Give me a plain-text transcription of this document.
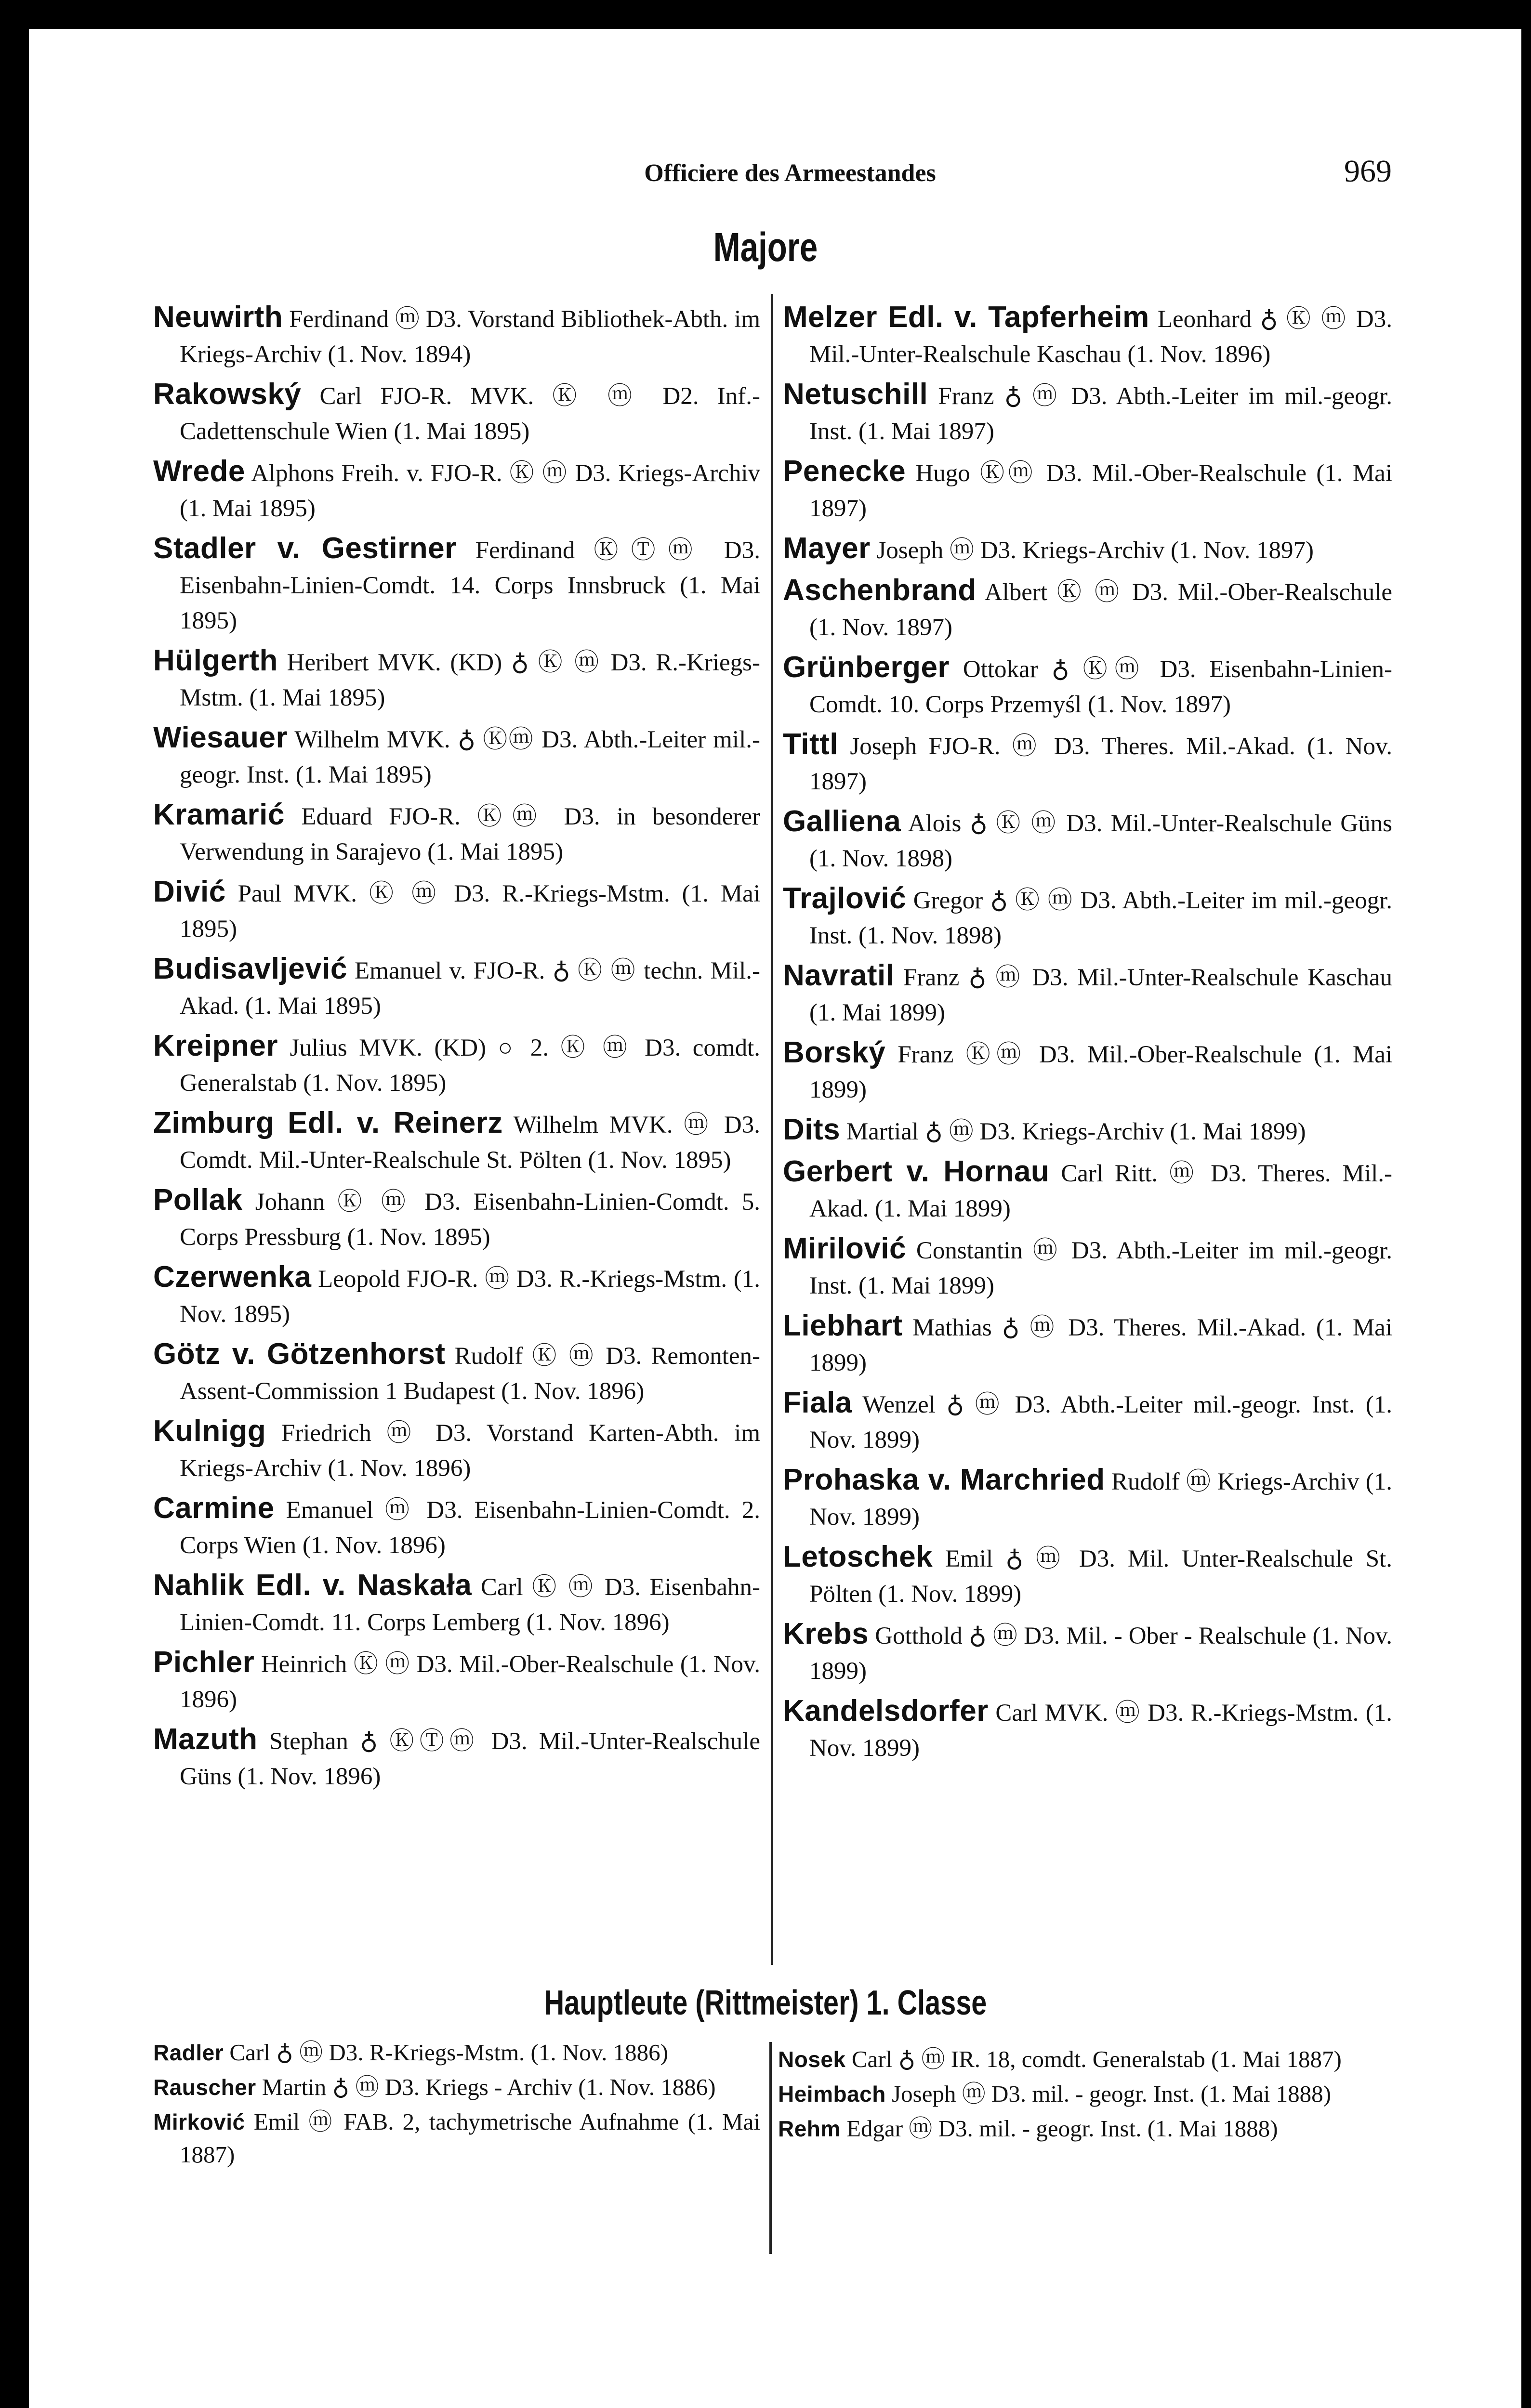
Officiere des Armeestandes	969
Majore

Neuwirth Ferdinand ⓜ D3. Vorstand Bibliothek-Abth. im Kriegs-Archiv (1. Nov. 1894)

Rakowský Carl FJO-R. MVK. Ⓚ ⓜ D2. Inf.-Cadettenschule Wien (1. Mai 1895)

Wrede Alphons Freih. v. FJO-R. Ⓚ ⓜ D3. Kriegs-Archiv (1. Mai 1895)

Stadler v. Gestirner Ferdinand ⓀⓉⓜ D3. Eisenbahn-Linien-Comdt. 14. Corps Innsbruck (1. Mai 1895)

Hülgerth Heribert MVK. (KD) ♁ Ⓚ ⓜ D3. R.-Kriegs-Mstm. (1. Mai 1895)

Wiesauer Wilhelm MVK. ♁ Ⓚⓜ D3. Abth.-Leiter mil.-geogr. Inst. (1. Mai 1895)

Kramarić Eduard FJO-R. Ⓚⓜ D3. in besonderer Verwendung in Sarajevo (1. Mai 1895)

Divić Paul MVK. Ⓚ ⓜ D3. R.-Kriegs-Mstm. (1. Mai 1895)

Budisavljević Emanuel v. FJO-R. ♁ Ⓚ ⓜ techn. Mil.-Akad. (1. Mai 1895)

Kreipner Julius MVK. (KD) ○ 2. Ⓚ ⓜ D3. comdt. Generalstab (1. Nov. 1895)

Zimburg Edl. v. Reinerz Wilhelm MVK. ⓜ D3. Comdt. Mil.-Unter-Realschule St. Pölten (1. Nov. 1895)

Pollak Johann Ⓚ ⓜ D3. Eisenbahn-Linien-Comdt. 5. Corps Pressburg (1. Nov. 1895)

Czerwenka Leopold FJO-R. ⓜ D3. R.-Kriegs-Mstm. (1. Nov. 1895)

Götz v. Götzenhorst Rudolf Ⓚ ⓜ D3. Remonten-Assent-Commission 1 Budapest (1. Nov. 1896)

Kulnigg Friedrich ⓜ D3. Vorstand Karten-Abth. im Kriegs-Archiv (1. Nov. 1896)

Carmine Emanuel ⓜ D3. Eisenbahn-Linien-Comdt. 2. Corps Wien (1. Nov. 1896)

Nahlik Edl. v. Naskała Carl Ⓚ ⓜ D3. Eisenbahn-Linien-Comdt. 11. Corps Lemberg (1. Nov. 1896)

Pichler Heinrich Ⓚ ⓜ D3. Mil.-Ober-Realschule (1. Nov. 1896)

Mazuth Stephan ♁ ⓀⓉⓜ D3. Mil.-Unter-Realschule Güns (1. Nov. 1896)

Melzer Edl. v. Tapferheim Leonhard ♁ Ⓚ ⓜ D3. Mil.-Unter-Realschule Kaschau (1. Nov. 1896)

Netuschill Franz ♁ ⓜ D3. Abth.-Leiter im mil.-geogr. Inst. (1. Mai 1897)

Penecke Hugo Ⓚⓜ D3. Mil.-Ober-Realschule (1. Mai 1897)

Mayer Joseph ⓜ D3. Kriegs-Archiv (1. Nov. 1897)

Aschenbrand Albert Ⓚ ⓜ D3. Mil.-Ober-Realschule (1. Nov. 1897)

Grünberger Ottokar ♁ Ⓚⓜ D3. Eisenbahn-Linien-Comdt. 10. Corps Przemyśl (1. Nov. 1897)

Tittl Joseph FJO-R. ⓜ D3. Theres. Mil.-Akad. (1. Nov. 1897)

Galliena Alois ♁ Ⓚ ⓜ D3. Mil.-Unter-Realschule Güns (1. Nov. 1898)

Trajlović Gregor ♁ Ⓚ ⓜ D3. Abth.-Leiter im mil.-geogr. Inst. (1. Nov. 1898)

Navratil Franz ♁ ⓜ D3. Mil.-Unter-Realschule Kaschau (1. Mai 1899)

Borský Franz Ⓚⓜ D3. Mil.-Ober-Realschule (1. Mai 1899)

Dits Martial ♁ ⓜ D3. Kriegs-Archiv (1. Mai 1899)

Gerbert v. Hornau Carl Ritt. ⓜ D3. Theres. Mil.-Akad. (1. Mai 1899)

Mirilović Constantin ⓜ D3. Abth.-Leiter im mil.-geogr. Inst. (1. Mai 1899)

Liebhart Mathias ♁ ⓜ D3. Theres. Mil.-Akad. (1. Mai 1899)

Fiala Wenzel ♁ ⓜ D3. Abth.-Leiter mil.-geogr. Inst. (1. Nov. 1899)

Prohaska v. Marchried Rudolf ⓜ Kriegs-Archiv (1. Nov. 1899)

Letoschek Emil ♁ ⓜ D3. Mil. Unter-Realschule St. Pölten (1. Nov. 1899)

Krebs Gotthold ♁ ⓜ D3. Mil. - Ober - Realschule (1. Nov. 1899)

Kandelsdorfer Carl MVK. ⓜ D3. R.-Kriegs-Mstm. (1. Nov. 1899)

Hauptleute (Rittmeister) 1. Classe

Radler Carl ♁ ⓜ D3. R-Kriegs-Mstm. (1. Nov. 1886)

Rauscher Martin ♁ ⓜ D3. Kriegs - Archiv (1. Nov. 1886)

Mirković Emil ⓜ FAB. 2, tachymetrische Aufnahme (1. Mai 1887)

Nosek Carl ♁ ⓜ IR. 18, comdt. Generalstab (1. Mai 1887)

Heimbach Joseph ⓜ D3. mil. - geogr. Inst. (1. Mai 1888)

Rehm Edgar ⓜ D3. mil. - geogr. Inst. (1. Mai 1888)
